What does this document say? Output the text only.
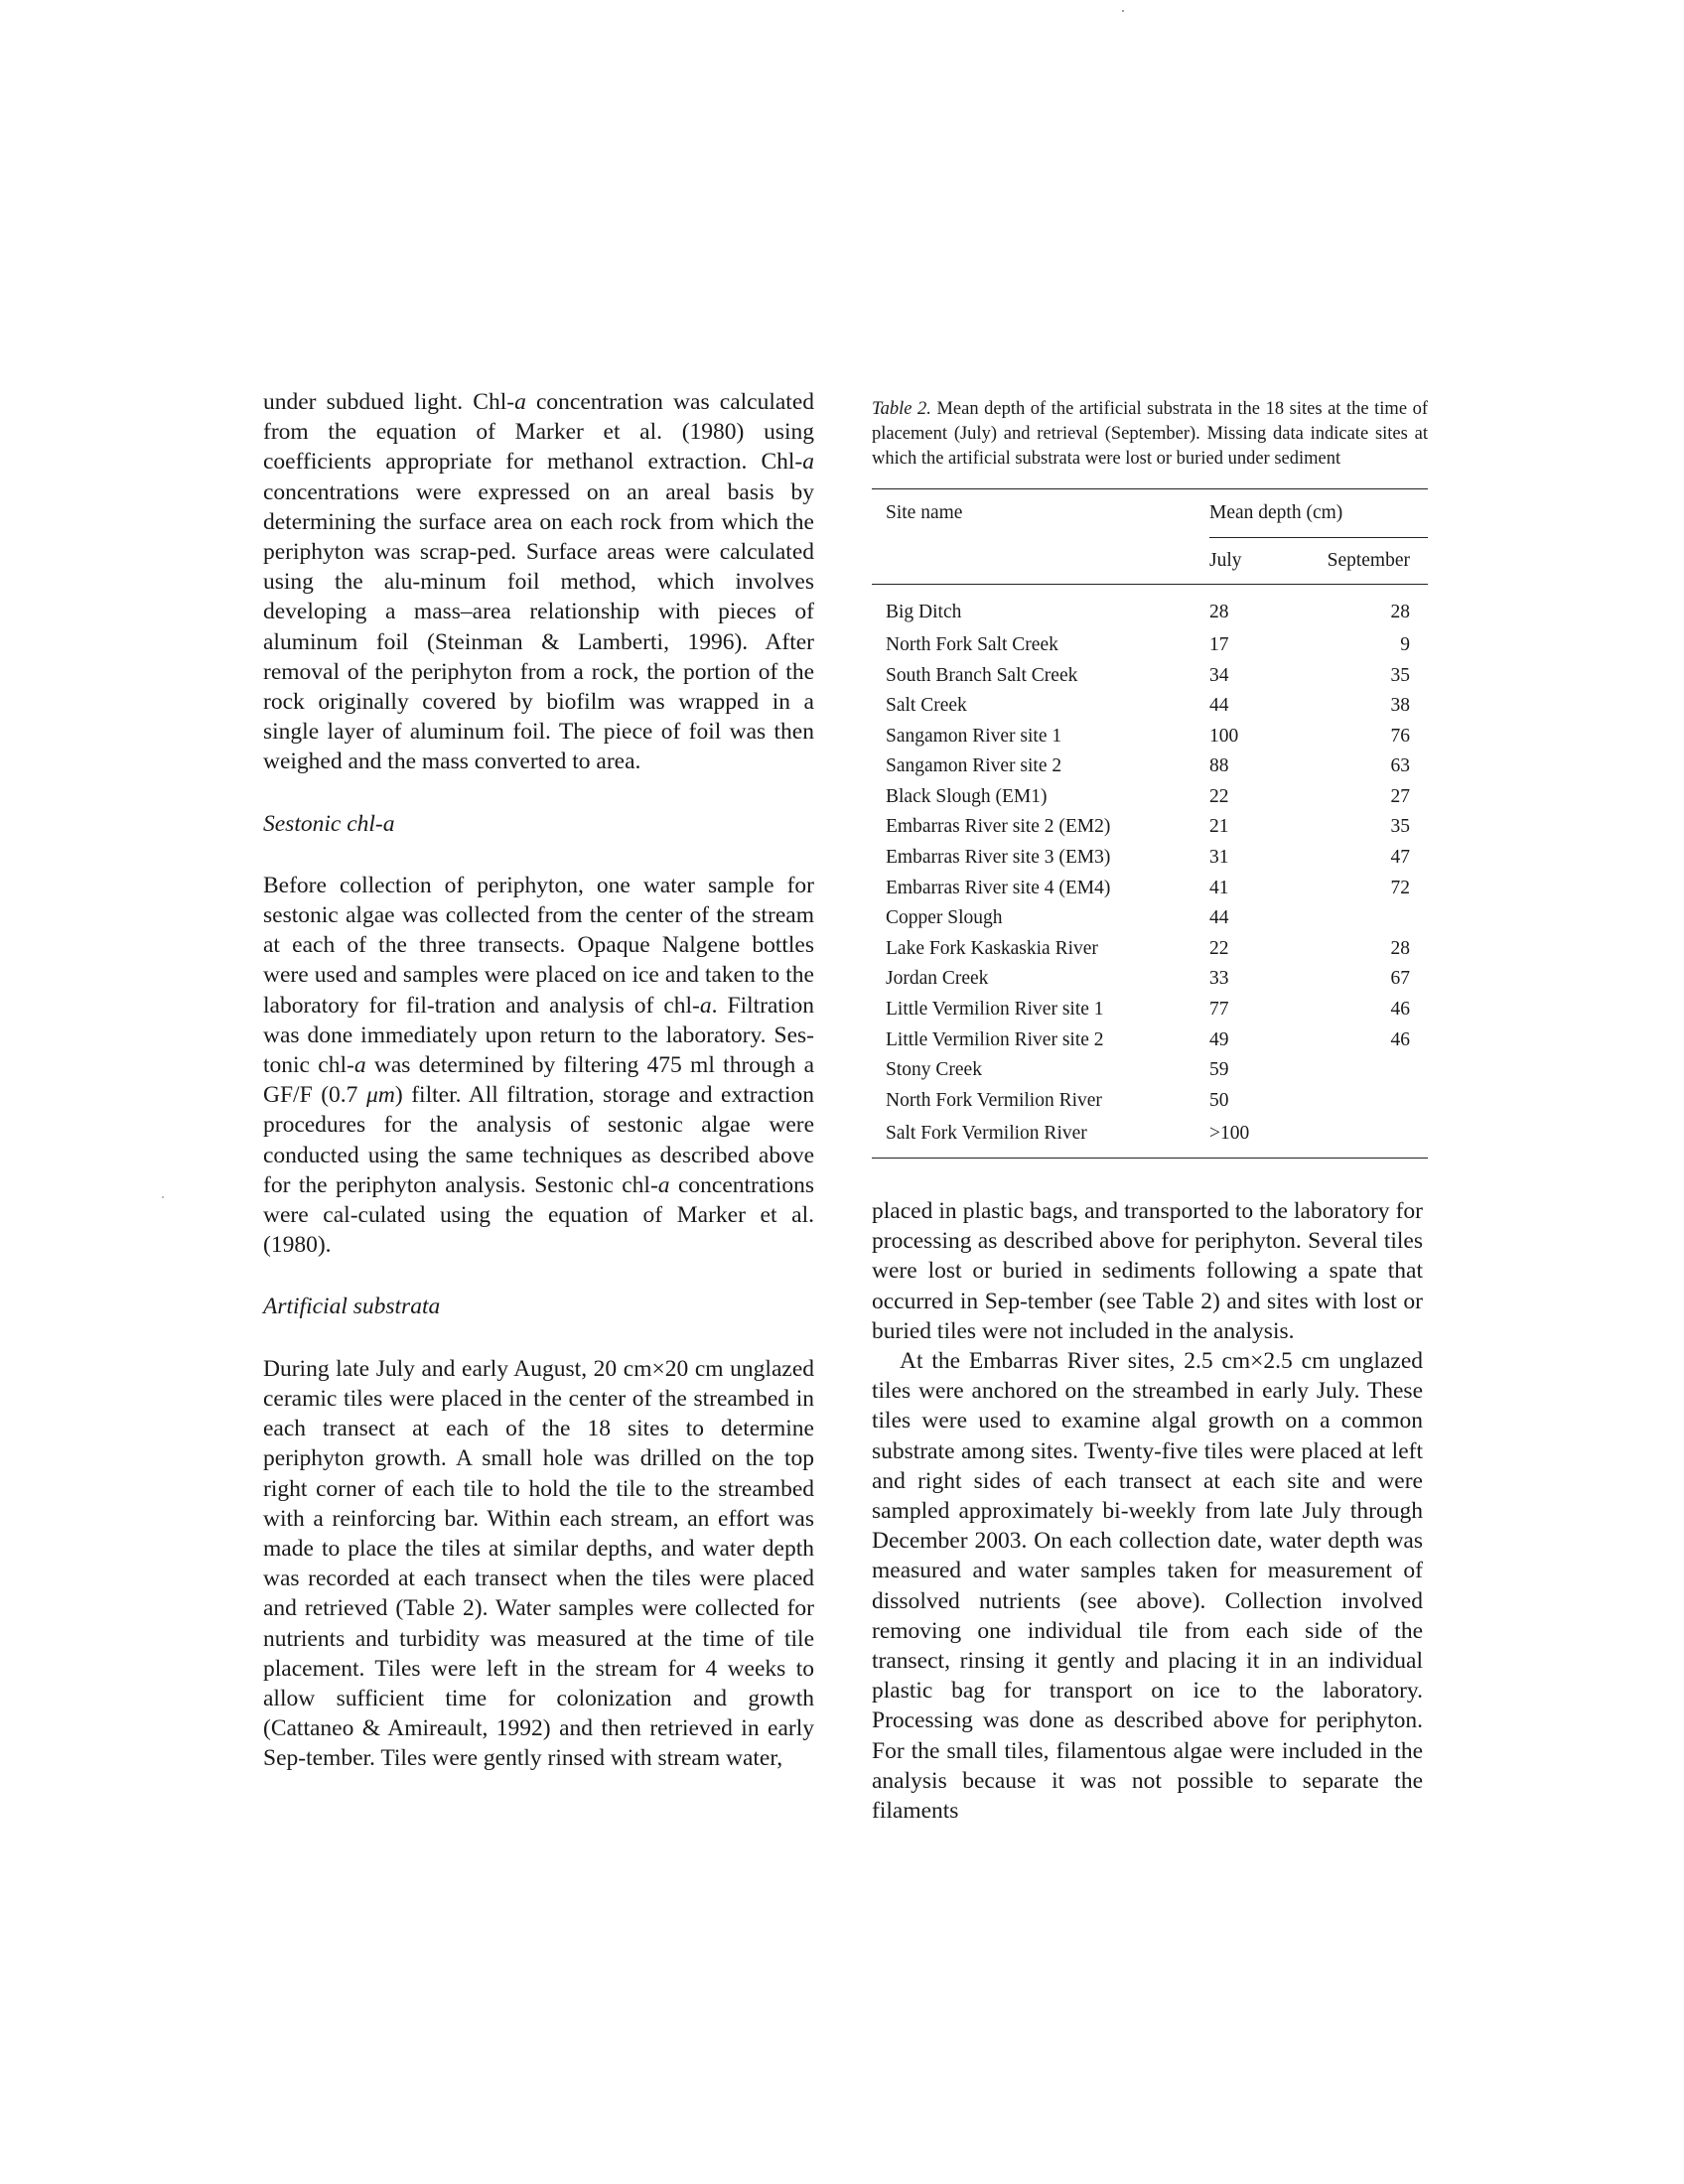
under subdued light. Chl-a concentration was calculated from the equation of Marker et al. (1980) using coefficients appropriate for methanol extraction. Chl-a concentrations were expressed on an areal basis by determining the surface area on each rock from which the periphyton was scrap-ped. Surface areas were calculated using the alu-minum foil method, which involves developing a mass–area relationship with pieces of aluminum foil (Steinman & Lamberti, 1996). After removal of the periphyton from a rock, the portion of the rock originally covered by biofilm was wrapped in a single layer of aluminum foil. The piece of foil was then weighed and the mass converted to area.

Sestonic chl-a

Before collection of periphyton, one water sample for sestonic algae was collected from the center of the stream at each of the three transects. Opaque Nalgene bottles were used and samples were placed on ice and taken to the laboratory for fil-tration and analysis of chl-a. Filtration was done immediately upon return to the laboratory. Ses-tonic chl-a was determined by filtering 475 ml through a GF/F (0.7 μm) filter. All filtration, storage and extraction procedures for the analysis of sestonic algae were conducted using the same techniques as described above for the periphyton analysis. Sestonic chl-a concentrations were cal-culated using the equation of Marker et al. (1980).

Artificial substrata

During late July and early August, 20 cm×20 cm unglazed ceramic tiles were placed in the center of the streambed in each transect at each of the 18 sites to determine periphyton growth. A small hole was drilled on the top right corner of each tile to hold the tile to the streambed with a reinforcing bar. Within each stream, an effort was made to place the tiles at similar depths, and water depth was recorded at each transect when the tiles were placed and retrieved (Table 2). Water samples were collected for nutrients and turbidity was measured at the time of tile placement. Tiles were left in the stream for 4 weeks to allow sufficient time for colonization and growth (Cattaneo & Amireault, 1992) and then retrieved in early Sep-tember. Tiles were gently rinsed with stream water,

Table 2. Mean depth of the artificial substrata in the 18 sites at the time of placement (July) and retrieval (September). Missing data indicate sites at which the artificial substrata were lost or buried under sediment

Site name	Mean depth (cm)	
	July	September
Big Ditch	28	28
North Fork Salt Creek	17	9
South Branch Salt Creek	34	35
Salt Creek	44	38
Sangamon River site 1	100	76
Sangamon River site 2	88	63
Black Slough (EM1)	22	27
Embarras River site 2 (EM2)	21	35
Embarras River site 3 (EM3)	31	47
Embarras River site 4 (EM4)	41	72
Copper Slough	44	
Lake Fork Kaskaskia River	22	28
Jordan Creek	33	67
Little Vermilion River site 1	77	46
Little Vermilion River site 2	49	46
Stony Creek	59	
North Fork Vermilion River	50	
Salt Fork Vermilion River	>100	

placed in plastic bags, and transported to the laboratory for processing as described above for periphyton. Several tiles were lost or buried in sediments following a spate that occurred in Sep-tember (see Table 2) and sites with lost or buried tiles were not included in the analysis.

At the Embarras River sites, 2.5 cm×2.5 cm unglazed tiles were anchored on the streambed in early July. These tiles were used to examine algal growth on a common substrate among sites. Twenty-five tiles were placed at left and right sides of each transect at each site and were sampled approximately bi-weekly from late July through December 2003. On each collection date, water depth was measured and water samples taken for measurement of dissolved nutrients (see above). Collection involved removing one individual tile from each side of the transect, rinsing it gently and placing it in an individual plastic bag for transport on ice to the laboratory. Processing was done as described above for periphyton. For the small tiles, filamentous algae were included in the analysis because it was not possible to separate the filaments
